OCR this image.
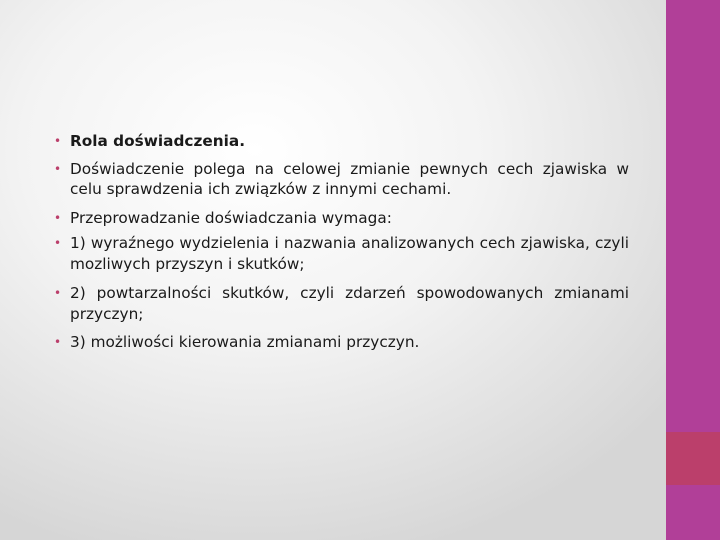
• Rola doświadczenia.
• Doświadczenie polega na celowej zmianie pewnych cech zjawiska w celu sprawdzenia ich związków z innymi cechami.
• Przeprowadzanie doświadczania wymaga:
• 1) wyraźnego wydzielenia i nazwania analizowanych cech zjawiska, czyli mozliwych przyszyn i skutków;
• 2) powtarzalności skutków, czyli zdarzeń spowodowanych zmianami przyczyn;
• 3) możliwości kierowania zmianami przyczyn.
